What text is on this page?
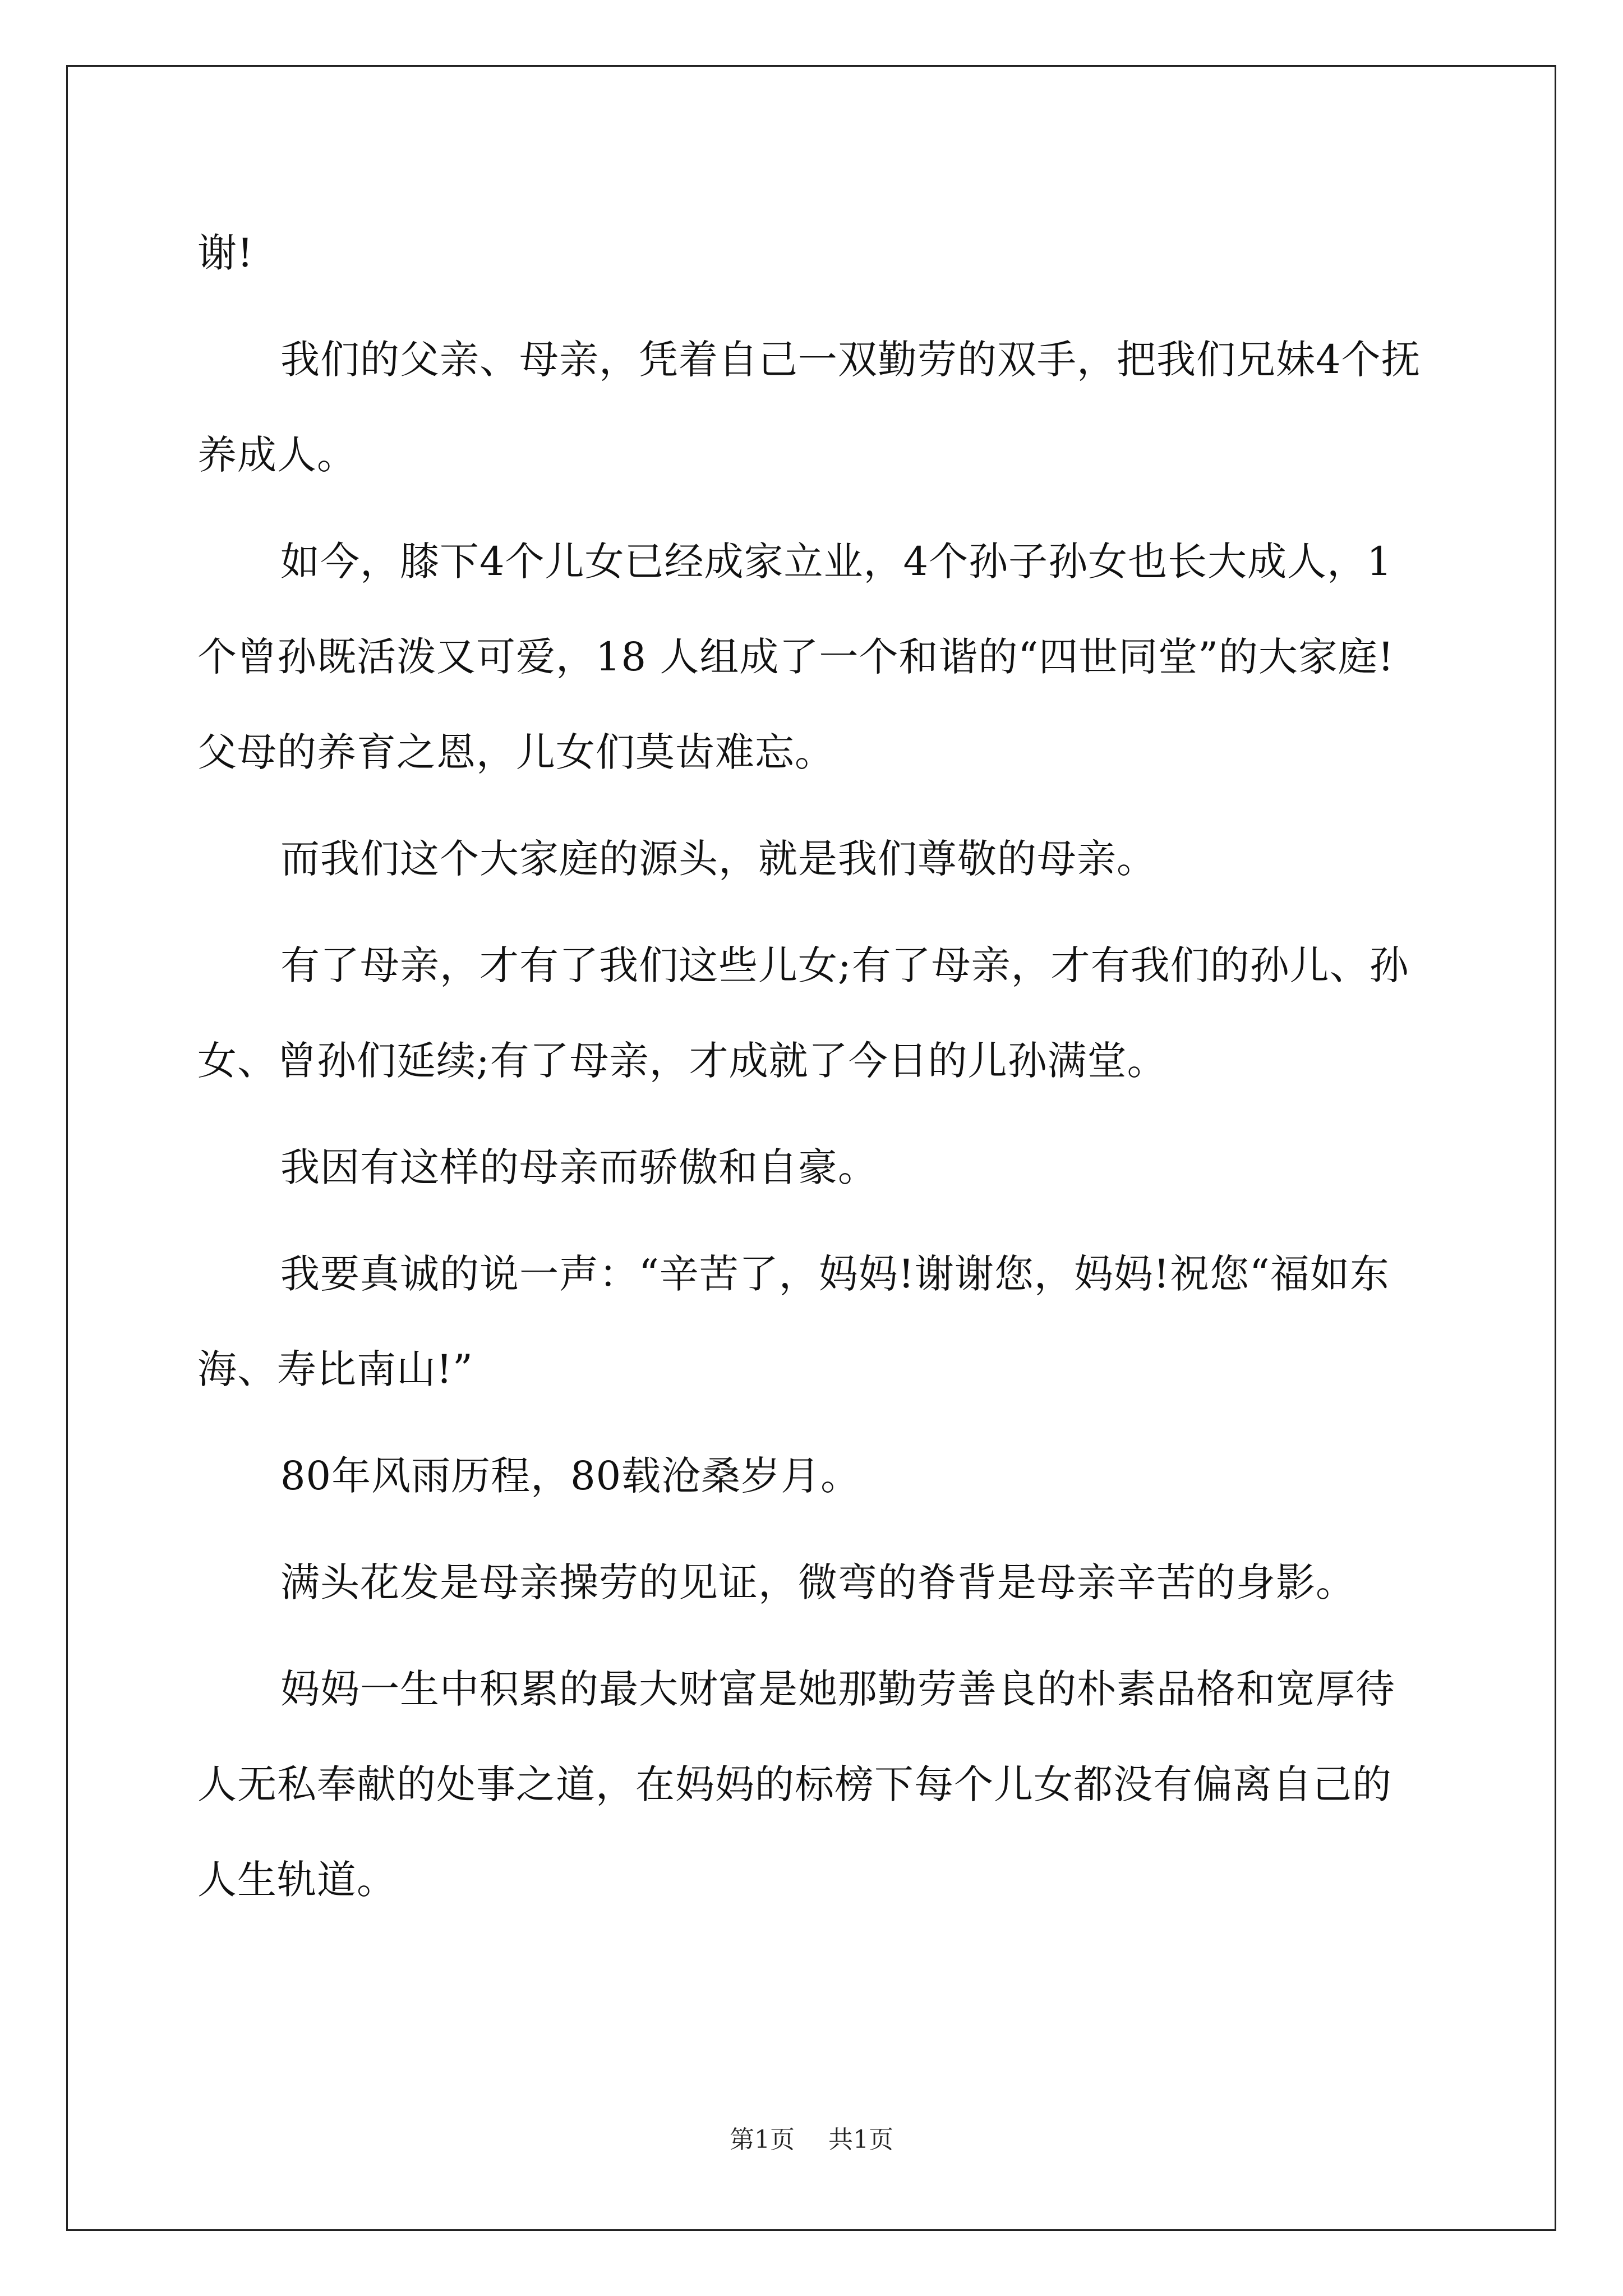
谢!

我们的父亲、母亲，凭着自己一双勤劳的双手，把我们兄妹4个抚养成人。

如今，膝下4个儿女已经成家立业，4个孙子孙女也长大成人，1个曾孙既活泼又可爱，18 人组成了一个和谐的“四世同堂”的大家庭!父母的养育之恩，儿女们莫齿难忘。

而我们这个大家庭的源头，就是我们尊敬的母亲。

有了母亲，才有了我们这些儿女;有了母亲，才有我们的孙儿、孙女、曾孙们延续;有了母亲，才成就了今日的儿孙满堂。

我因有这样的母亲而骄傲和自豪。

我要真诚的说一声：“辛苦了，妈妈!谢谢您，妈妈!祝您“福如东海、寿比南山!”

80年风雨历程，80载沧桑岁月。

满头花发是母亲操劳的见证，微弯的脊背是母亲辛苦的身影。

妈妈一生中积累的最大财富是她那勤劳善良的朴素品格和宽厚待人无私奉献的处事之道，在妈妈的标榜下每个儿女都没有偏离自己的人生轨道。

第1页 共1页
